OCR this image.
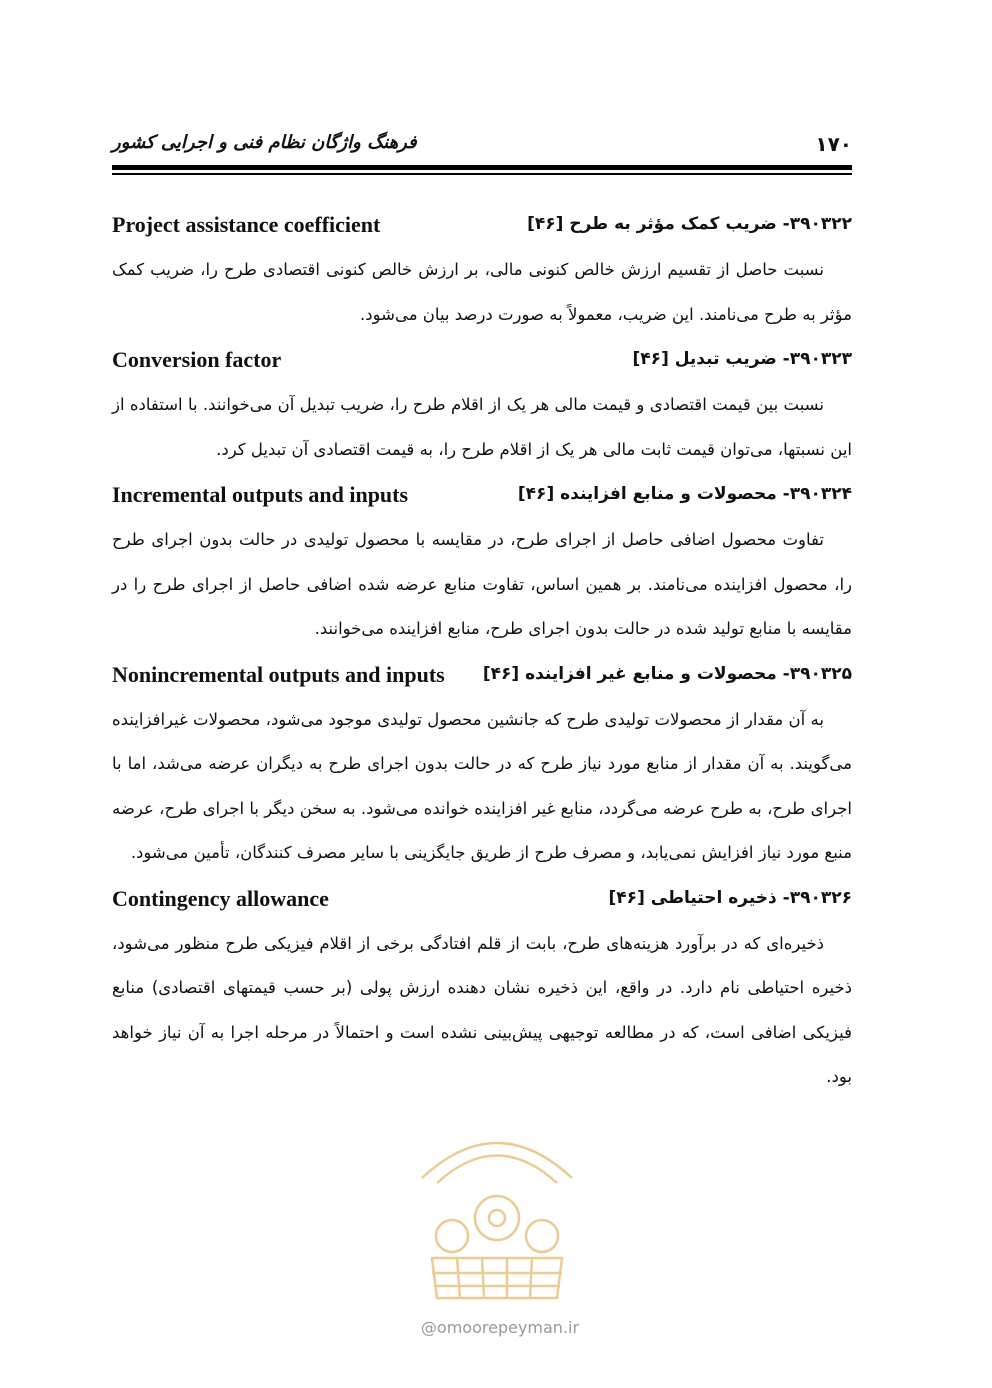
۱۷۰
فرهنگ واژگان نظام فنی و اجرایی کشور
۳۹۰۳۲۲- ضریب کمک مؤثر به طرح [۴۶]
Project assistance coefficient

نسبت حاصل از تقسیم ارزش خالص کنونی مالی، بر ارزش خالص کنونی اقتصادی طرح را، ضریب کمک مؤثر به طرح می‌نامند. این ضریب، معمولاً به صورت درصد بیان می‌شود.

۳۹۰۳۲۳- ضریب تبدیل [۴۶]
Conversion factor

نسبت بین قیمت اقتصادی و قیمت مالی هر یک از اقلام طرح را، ضریب تبدیل آن می‌خوانند. با استفاده از این نسبتها، می‌توان قیمت ثابت مالی هر یک از اقلام طرح را، به قیمت اقتصادی آن تبدیل کرد.

۳۹۰۳۲۴- محصولات و منابع افزاینده [۴۶]
Incremental outputs and inputs

تفاوت محصول اضافی حاصل از اجرای طرح، در مقایسه با محصول تولیدی در حالت بدون اجرای طرح را، محصول افزاینده می‌نامند. بر همین اساس، تفاوت منابع عرضه شده اضافی حاصل از اجرای طرح را در مقایسه با منابع تولید شده در حالت بدون اجرای طرح، منابع افزاینده می‌خوانند.

۳۹۰۳۲۵- محصولات و منابع غیر افزاینده [۴۶]
Nonincremental outputs and inputs

به آن مقدار از محصولات تولیدی طرح که جانشین محصول تولیدی موجود می‌شود، محصولات غیرافزاینده می‌گویند. به آن مقدار از منابع مورد نیاز طرح که در حالت بدون اجرای طرح به دیگران عرضه می‌شد، اما با اجرای طرح، به طرح عرضه می‌گردد، منابع غیر افزاینده خوانده می‌شود. به سخن دیگر با اجرای طرح، عرضه منبع مورد نیاز افزایش نمی‌یابد، و مصرف طرح از طریق جایگزینی با سایر مصرف کنندگان، تأمین می‌شود.

۳۹۰۳۲۶- ذخیره احتیاطی [۴۶]
Contingency allowance

ذخیره‌ای که در برآورد هزینه‌های طرح، بابت از قلم افتادگی برخی از اقلام فیزیکی طرح منظور می‌شود، ذخیره احتیاطی نام دارد. در واقع، این ذخیره نشان دهنده ارزش پولی (بر حسب قیمتهای اقتصادی) منابع فیزیکی اضافی است، که در مطالعه توجیهی پیش‌بینی نشده است و احتمالاً در مرحله اجرا به آن نیاز خواهد بود.

@omoorepeyman.ir
